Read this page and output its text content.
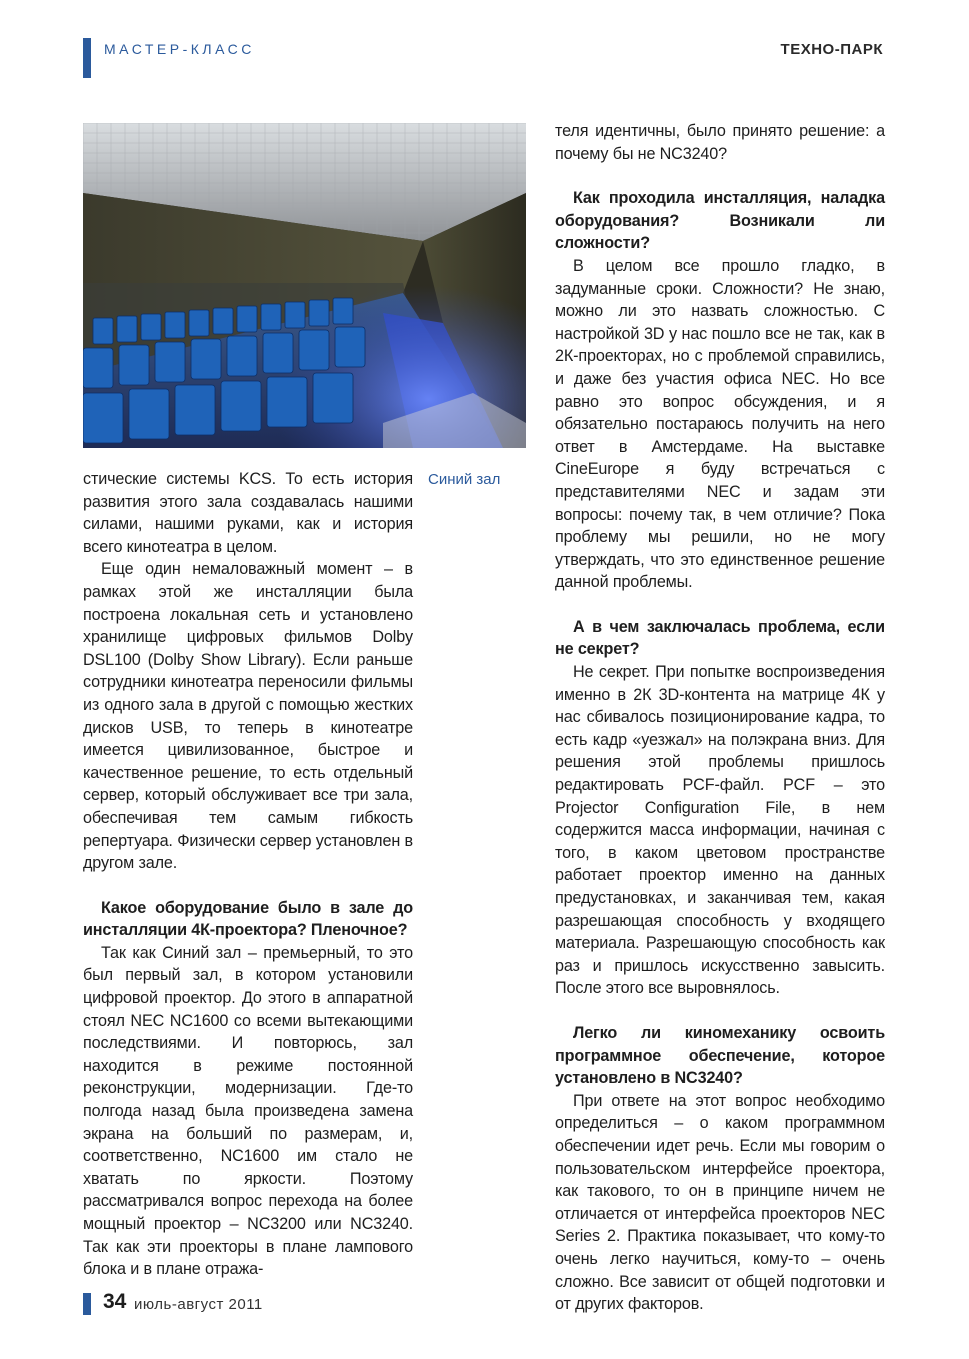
МАСТЕР-КЛАСС	ТЕХНО-ПАРК
Синий зал

стические системы KCS. То есть история развития этого зала создавалась нашими силами, нашими руками, как и история всего кинотеатра в целом.

Еще один немаловажный момент – в рамках этой же инсталляции была построена локальная сеть и установлено хранилище цифровых фильмов Dolby DSL100 (Dolby Show Library). Если раньше сотрудники кинотеатра переносили фильмы из одного зала в другой с помощью жестких дисков USB, то теперь в кинотеатре имеется цивилизованное, быстрое и качественное решение, то есть отдельный сервер, который обслуживает все три зала, обеспечивая тем самым гибкость репертуара. Физически сервер установлен в другом зале.

Какое оборудование было в зале до инсталляции 4К-проектора? Пленочное?

Так как Синий зал – премьерный, то это был первый зал, в котором установили цифровой проектор. До этого в аппаратной стоял NEC NC1600 со всеми вытекающими последствиями. И повторюсь, зал находится в режиме постоянной реконструкции, модернизации. Где-то полгода назад была произведена замена экрана на больший по размерам, и, соответственно, NC1600 им стало не хватать по яркости. Поэтому рассматривался вопрос перехода на более мощный проектор – NC3200 или NC3240. Так как эти проекторы в плане лампового блока и в плане отража-

теля идентичны, было принято решение: а почему бы не NC3240?

Как проходила инсталляция, наладка оборудования? Возникали ли сложности?

В целом все прошло гладко, в задуманные сроки. Сложности? Не знаю, можно ли это назвать сложностью. С настройкой 3D у нас пошло все не так, как в 2К-проекторах, но с проблемой справились, и даже без участия офиса NEC. Но все равно это вопрос обсуждения, и я обязательно постараюсь получить на него ответ в Амстердаме. На выставке CineEurope я буду встречаться с представителями NEC и задам эти вопросы: почему так, в чем отличие? Пока проблему мы решили, но не могу утверждать, что это единственное решение данной проблемы.

А в чем заключалась проблема, если не секрет?

Не секрет. При попытке воспроизведения именно в 2К 3D-контента на матрице 4К у нас сбивалось позиционирование кадра, то есть кадр «уезжал» на полэкрана вниз. Для решения этой проблемы пришлось редактировать PCF-файл. PCF – это Projector Configuration File, в нем содержится масса информации, начиная с того, в каком цветовом пространстве работает проектор именно на данных предустановках, и заканчивая тем, какая разрешающая способность у входящего материала. Разрешающую способность как раз и пришлось искусственно завысить. После этого все выровнялось.

Легко ли киномеханику освоить программное обеспечение, которое установлено в NC3240?

При ответе на этот вопрос необходимо определиться – о каком программном обеспечении идет речь. Если мы говорим о пользовательском интерфейсе проектора, как такового, то он в принципе ничем не отличается от интерфейса проекторов NEC Series 2. Практика показывает, что кому-то очень легко научиться, кому-то – очень сложно. Все зависит от общей подготовки и от других факторов.

34 июль-август 2011
